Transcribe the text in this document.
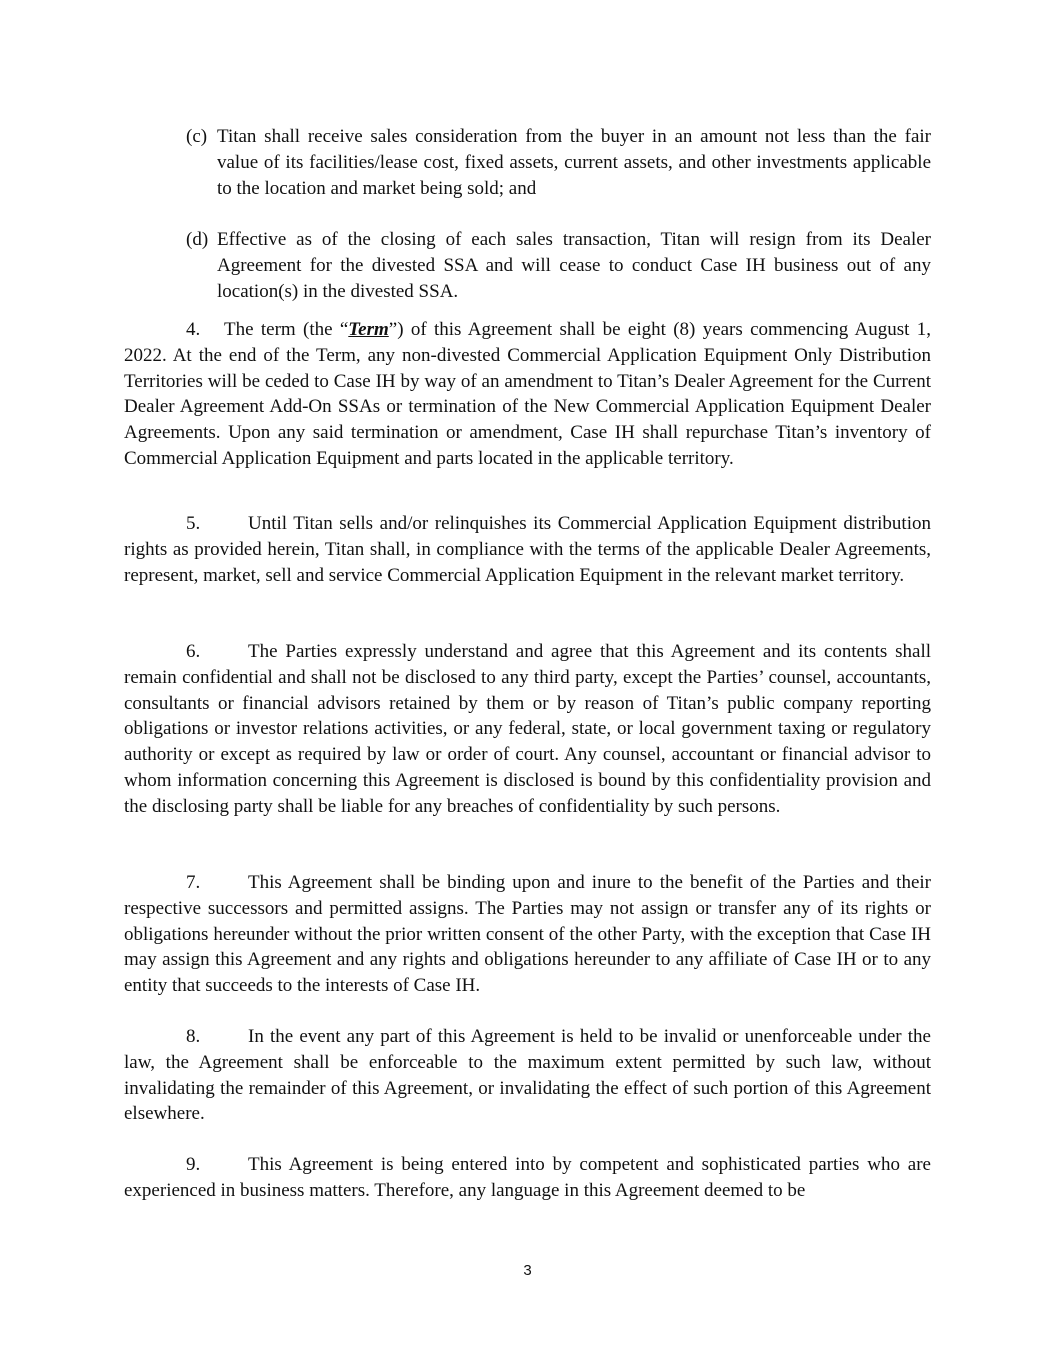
(c) Titan shall receive sales consideration from the buyer in an amount not less than the fair value of its facilities/lease cost, fixed assets, current assets, and other investments applicable to the location and market being sold; and
(d) Effective as of the closing of each sales transaction, Titan will resign from its Dealer Agreement for the divested SSA and will cease to conduct Case IH business out of any location(s) in the divested SSA.
4. The term (the “Term”) of this Agreement shall be eight (8) years commencing August 1, 2022. At the end of the Term, any non-divested Commercial Application Equipment Only Distribution Territories will be ceded to Case IH by way of an amendment to Titan’s Dealer Agreement for the Current Dealer Agreement Add-On SSAs or termination of the New Commercial Application Equipment Dealer Agreements. Upon any said termination or amendment, Case IH shall repurchase Titan’s inventory of Commercial Application Equipment and parts located in the applicable territory.
5.	Until Titan sells and/or relinquishes its Commercial Application Equipment distribution rights as provided herein, Titan shall, in compliance with the terms of the applicable Dealer Agreements, represent, market, sell and service Commercial Application Equipment in the relevant market territory.
6.	The Parties expressly understand and agree that this Agreement and its contents shall remain confidential and shall not be disclosed to any third party, except the Parties’ counsel, accountants, consultants or financial advisors retained by them or by reason of Titan’s public company reporting obligations or investor relations activities, or any federal, state, or local government taxing or regulatory authority or except as required by law or order of court. Any counsel, accountant or financial advisor to whom information concerning this Agreement is disclosed is bound by this confidentiality provision and the disclosing party shall be liable for any breaches of confidentiality by such persons.
7.	This Agreement shall be binding upon and inure to the benefit of the Parties and their respective successors and permitted assigns. The Parties may not assign or transfer any of its rights or obligations hereunder without the prior written consent of the other Party, with the exception that Case IH may assign this Agreement and any rights and obligations hereunder to any affiliate of Case IH or to any entity that succeeds to the interests of Case IH.
8.	In the event any part of this Agreement is held to be invalid or unenforceable under the law, the Agreement shall be enforceable to the maximum extent permitted by such law, without invalidating the remainder of this Agreement, or invalidating the effect of such portion of this Agreement elsewhere.
9.	This Agreement is being entered into by competent and sophisticated parties who are experienced in business matters. Therefore, any language in this Agreement deemed to be
3
